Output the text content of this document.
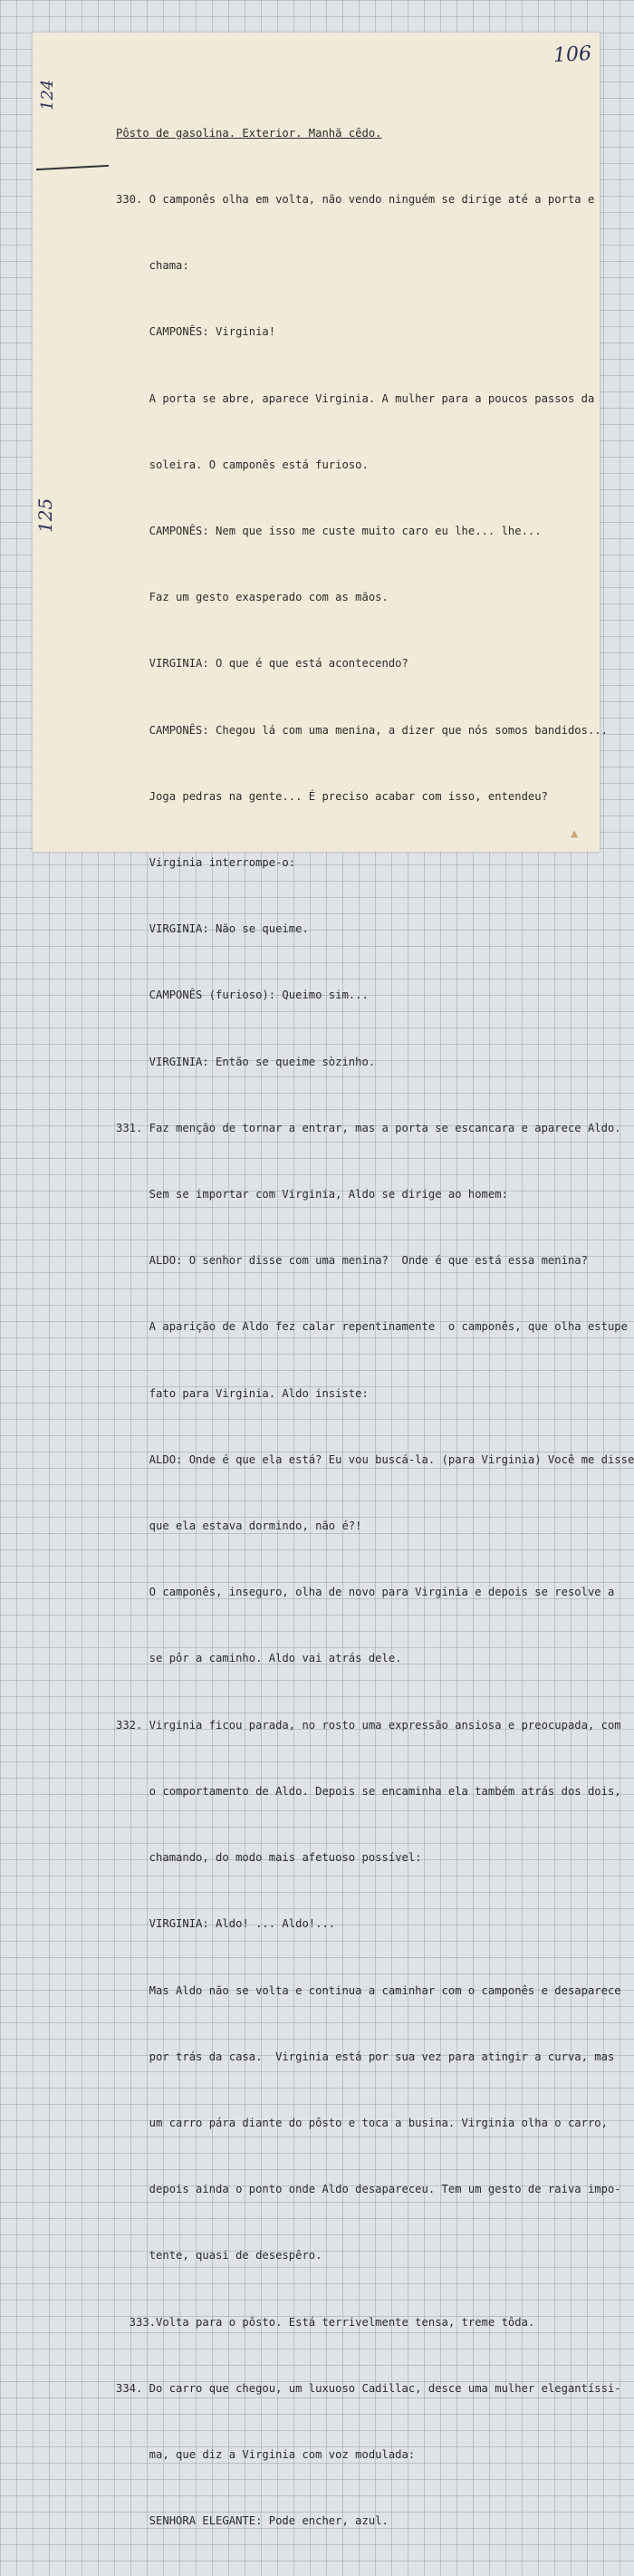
106
124
125

Pôsto de gasolina. Exterior. Manhã cêdo.

330. O camponês olha em volta, não vendo ninguém se dirige até a porta e

chama:

CAMPONÊS: Virginia!

A porta se abre, aparece Virginia. A mulher para a poucos passos da

soleira. O camponês está furioso.

CAMPONÊS: Nem que isso me custe muito caro eu lhe... lhe...

Faz um gesto exasperado com as mãos.

VIRGINIA: O que é que está acontecendo?

CAMPONÊS: Chegou lá com uma menina, a dizer que nós somos bandidos...

Joga pedras na gente... É preciso acabar com isso, entendeu?

Virginia interrompe-o:

VIRGINIA: Não se queime.

CAMPONÊS (furioso): Queimo sim...

VIRGINIA: Então se queime sòzinho.

331. Faz menção de tornar a entrar, mas a porta se escancara e aparece Aldo.

Sem se importar com Virginia, Aldo se dirige ao homem:

ALDO: O senhor disse com uma menina?  Onde é que está essa menina?

A aparição de Aldo fez calar repentinamente  o camponês, que olha estupe

fato para Virginia. Aldo insiste:

ALDO: Onde é que ela está? Eu vou buscá-la. (para Virginia) Você me disse

que ela estava dormindo, não é?!

O camponês, inseguro, olha de novo para Virginia e depois se resolve a

se pôr a caminho. Aldo vai atrás dele.

332. Virginia ficou parada, no rosto uma expressão ansiosa e preocupada, com

o comportamento de Aldo. Depois se encaminha ela também atrás dos dois,

chamando, do modo mais afetuoso possível:

VIRGINIA: Aldo! ... Aldo!...

Mas Aldo não se volta e continua a caminhar com o camponês e desaparece

por trás da casa.  Virginia está por sua vez para atingir a curva, mas

um carro pára diante do pôsto e toca a businа. Virginia olha o carro,

depois ainda o ponto onde Aldo desapareceu. Tem um gesto de raiva impo-

tente, quasi de desespêro.

333.Volta para o pôsto. Está terrivelmente tensa, treme tôda.

334. Do carro que chegou, um luxuoso Cadillac, desce uma mulher elegantíssi-

ma, que diz a Virginia com voz modulada:

SENHORA ELEGANTE: Pode encher, azul.

▲
